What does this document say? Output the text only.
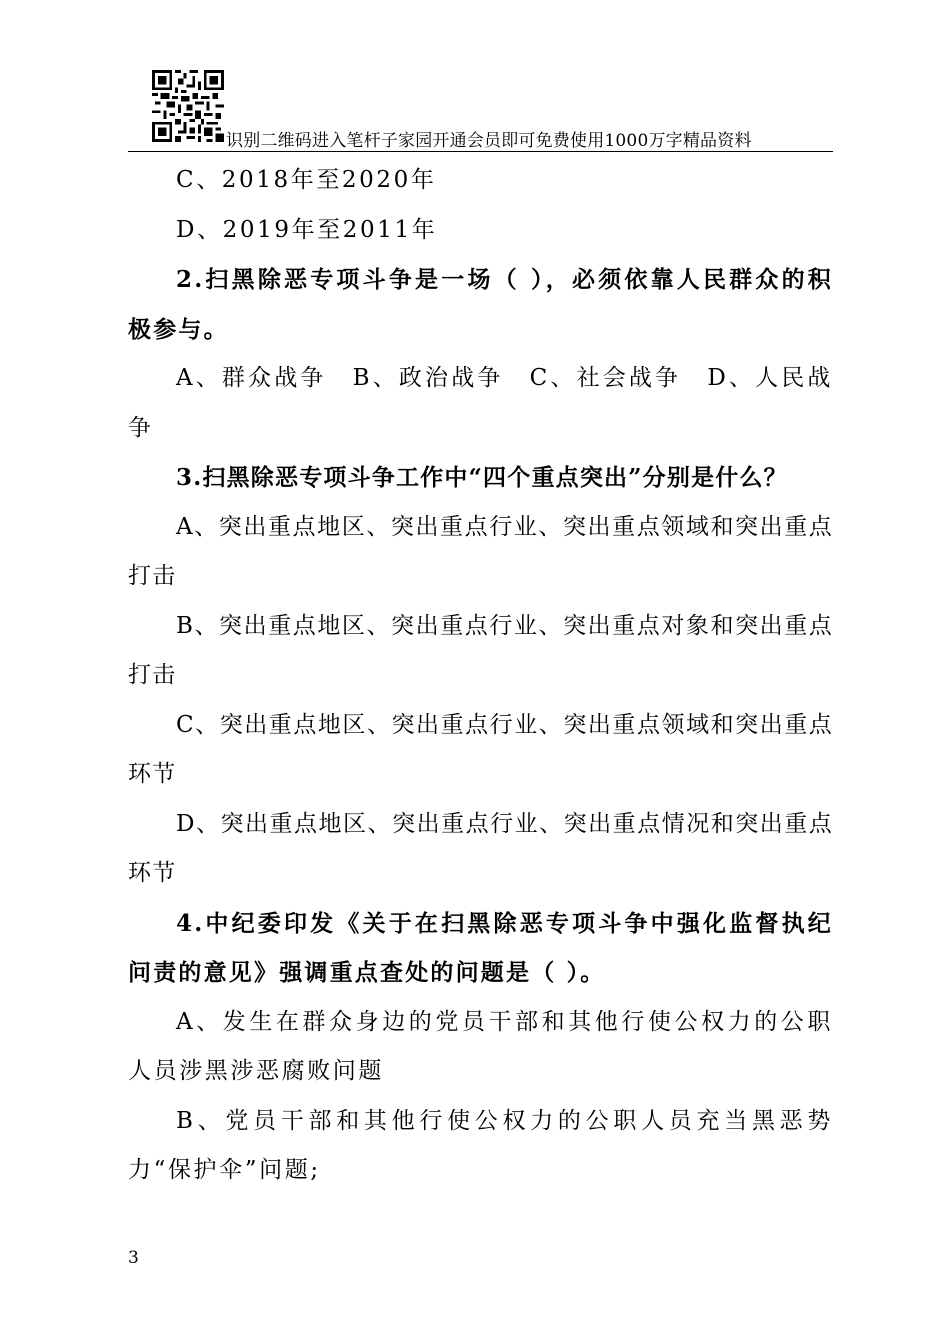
识别二维码进入笔杆子家园开通会员即可免费使用1000万字精品资料

C、2018年至2020年

D、2019年至2011年

2.扫黑除恶专项斗争是一场（ ），必须依靠人民群众的积极参与。

A、群众战争　B、政治战争　C、社会战争　D、人民战争

3.扫黑除恶专项斗争工作中“四个重点突出”分别是什么？

A、突出重点地区、突出重点行业、突出重点领域和突出重点打击

B、突出重点地区、突出重点行业、突出重点对象和突出重点打击

C、突出重点地区、突出重点行业、突出重点领域和突出重点环节

D、突出重点地区、突出重点行业、突出重点情况和突出重点环节

4.中纪委印发《关于在扫黑除恶专项斗争中强化监督执纪问责的意见》强调重点查处的问题是（ ）。

A、发生在群众身边的党员干部和其他行使公权力的公职人员涉黑涉恶腐败问题

B、党员干部和其他行使公权力的公职人员充当黑恶势力“保护伞”问题;

3
